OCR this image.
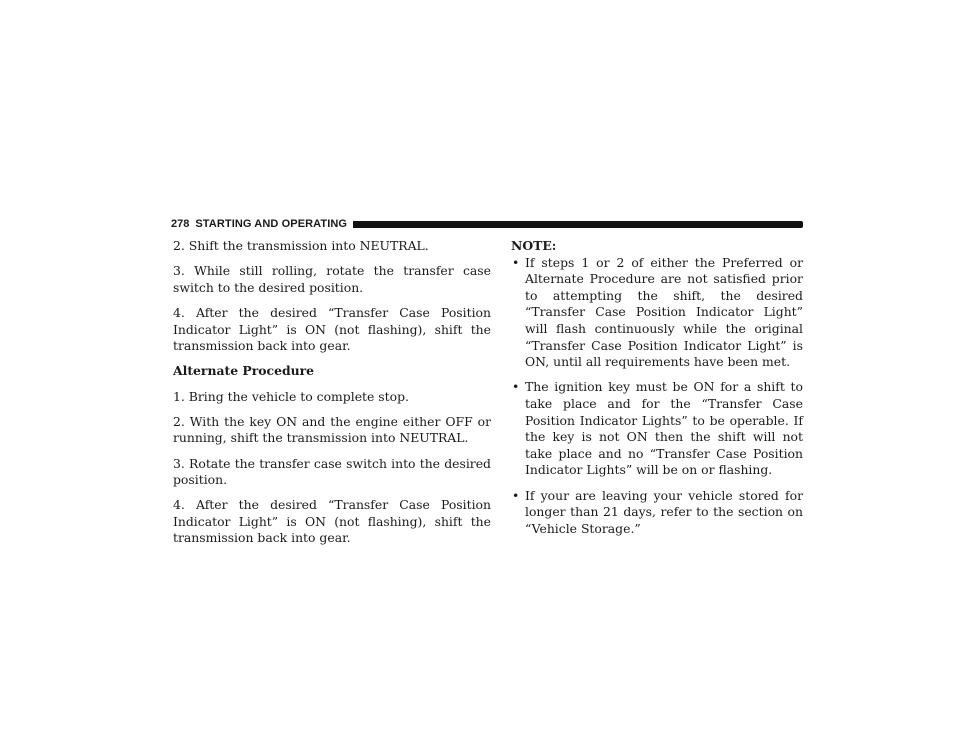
278 STARTING AND OPERATING

2. Shift the transmission into NEUTRAL.

3. While still rolling, rotate the transfer case switch to the desired position.

4. After the desired “Transfer Case Position Indicator Light” is ON (not flashing), shift the transmission back into gear.

Alternate Procedure

1. Bring the vehicle to complete stop.

2. With the key ON and the engine either OFF or running, shift the transmission into NEUTRAL.

3. Rotate the transfer case switch into the desired position.

4. After the desired “Transfer Case Position Indicator Light” is ON (not flashing), shift the transmission back into gear.

NOTE:

• If steps 1 or 2 of either the Preferred or Alternate Procedure are not satisfied prior to attempting the shift, the desired “Transfer Case Position Indicator Light” will flash continuously while the original “Transfer Case Position Indicator Light” is ON, until all requirements have been met.
• The ignition key must be ON for a shift to take place and for the “Transfer Case Position Indicator Lights” to be operable. If the key is not ON then the shift will not take place and no “Transfer Case Position Indicator Lights” will be on or flashing.
• If your are leaving your vehicle stored for longer than 21 days, refer to the section on “Vehicle Storage.”
